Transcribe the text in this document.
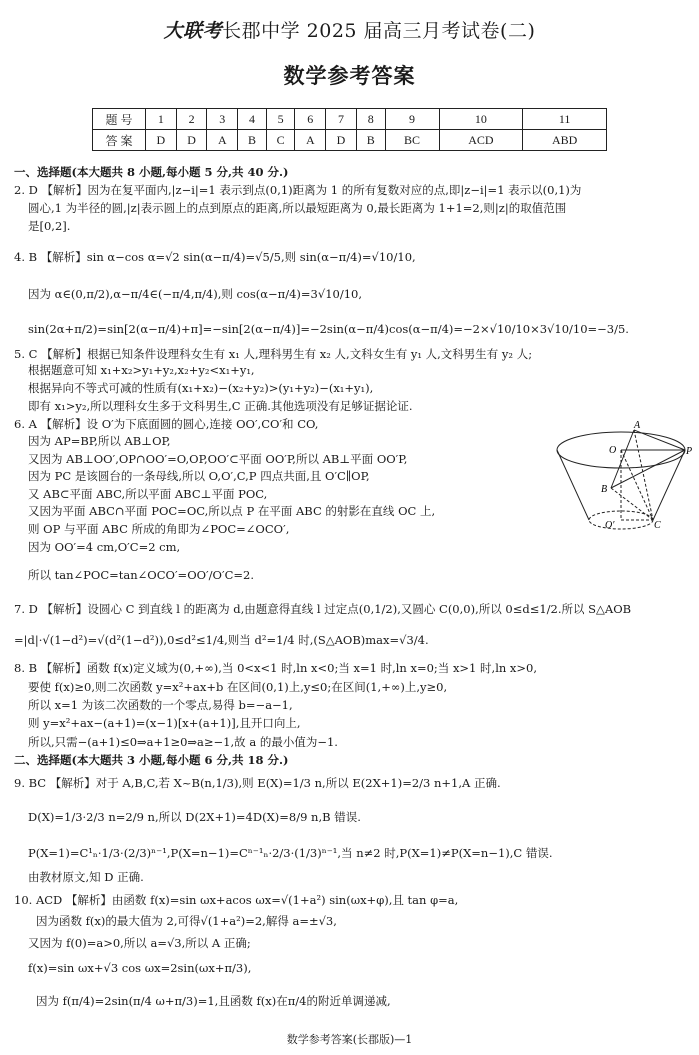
大联考长郡中学 2025 届高三月考试卷(二)
数学参考答案
题 号	1	2	3	4	5	6	7	8	9	10	11
答 案	D	D	A	B	C	A	D	B	BC	ACD	ABD
一、选择题(本大题共 8 小题,每小题 5 分,共 40 分.)
2. D 【解析】因为在复平面内,|z−i|=1 表示到点(0,1)距离为 1 的所有复数对应的点,即|z−i|=1 表示以(0,1)为
圆心,1 为半径的圆,|z|表示圆上的点到原点的距离,所以最短距离为 0,最长距离为 1+1=2,则|z|的取值范围
是[0,2].
4. B 【解析】sin α−cos α=√2 sin(α−π/4)=√5/5,则 sin(α−π/4)=√10/10,
因为 α∈(0,π/2),α−π/4∈(−π/4,π/4),则 cos(α−π/4)=3√10/10,
sin(2α+π/2)=sin[2(α−π/4)+π]=−sin[2(α−π/4)]=−2sin(α−π/4)cos(α−π/4)=−2×√10/10×3√10/10=−3/5.
5. C 【解析】根据已知条件设理科女生有 x₁ 人,理科男生有 x₂ 人,文科女生有 y₁ 人,文科男生有 y₂ 人;
根据题意可知 x₁+x₂>y₁+y₂,x₂+y₂<x₁+y₁,
根据异向不等式可减的性质有(x₁+x₂)−(x₂+y₂)>(y₁+y₂)−(x₁+y₁),
即有 x₁>y₂,所以理科女生多于文科男生,C 正确.其他选项没有足够证据论证.
6. A 【解析】设 O′为下底面圆的圆心,连接 OO′,CO′和 CO,
因为 AP=BP,所以 AB⊥OP,
又因为 AB⊥OO′,OP∩OO′=O,OP,OO′⊂平面 OO′P,所以 AB⊥平面 OO′P,
因为 PC 是该圆台的一条母线,所以 O,O′,C,P 四点共面,且 O′C∥OP,
又 AB⊂平面 ABC,所以平面 ABC⊥平面 POC,
又因为平面 ABC∩平面 POC=OC,所以点 P 在平面 ABC 的射影在直线 OC 上,
则 OP 与平面 ABC 所成的角即为∠POC=∠OCO′,
因为 OO′=4 cm,O′C=2 cm,
所以 tan∠POC=tan∠OCO′=OO′/O′C=2.
7. D 【解析】设圆心 C 到直线 l 的距离为 d,由题意得直线 l 过定点(0,1/2),又圆心 C(0,0),所以 0≤d≤1/2.所以 S△AOB
=|d|·√(1−d²)=√(d²(1−d²)),0≤d²≤1/4,则当 d²=1/4 时,(S△AOB)max=√3/4.
8. B 【解析】函数 f(x)定义域为(0,+∞),当 0<x<1 时,ln x<0;当 x=1 时,ln x=0;当 x>1 时,ln x>0,
要使 f(x)≥0,则二次函数 y=x²+ax+b 在区间(0,1)上,y≤0;在区间(1,+∞)上,y≥0,
所以 x=1 为该二次函数的一个零点,易得 b=−a−1,
则 y=x²+ax−(a+1)=(x−1)[x+(a+1)],且开口向上,
所以,只需−(a+1)≤0⇒a+1≥0⇒a≥−1,故 a 的最小值为−1.
二、选择题(本大题共 3 小题,每小题 6 分,共 18 分.)
9. BC 【解析】对于 A,B,C,若 X~B(n,1/3),则 E(X)=1/3 n,所以 E(2X+1)=2/3 n+1,A 正确.
D(X)=1/3·2/3 n=2/9 n,所以 D(2X+1)=4D(X)=8/9 n,B 错误.
P(X=1)=C¹ₙ·1/3·(2/3)ⁿ⁻¹,P(X=n−1)=Cⁿ⁻¹ₙ·2/3·(1/3)ⁿ⁻¹,当 n≠2 时,P(X=1)≠P(X=n−1),C 错误.
由教材原文,知 D 正确.
10. ACD 【解析】由函数 f(x)=sin ωx+acos ωx=√(1+a²) sin(ωx+φ),且 tan φ=a,
因为函数 f(x)的最大值为 2,可得√(1+a²)=2,解得 a=±√3,
又因为 f(0)=a>0,所以 a=√3,所以 A 正确;
f(x)=sin ωx+√3 cos ωx=2sin(ωx+π/3),
因为 f(π/4)=2sin(π/4 ω+π/3)=1,且函数 f(x)在π/4的附近单调递减,
A
O	P
B
O′	C
数学参考答案(长郡版)—1
